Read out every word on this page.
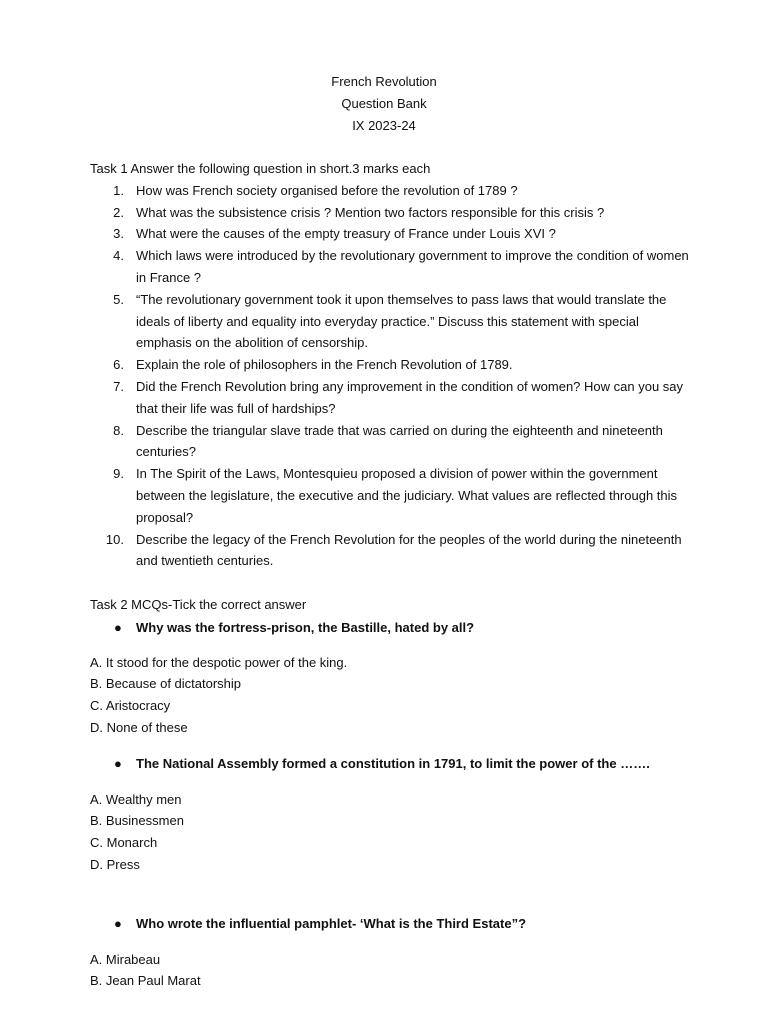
French Revolution
Question Bank
IX 2023-24
Task 1 Answer the following question in short.3 marks each
1. How was French society organised before the revolution of 1789 ?
2. What was the subsistence crisis ? Mention two factors responsible for this crisis ?
3. What were the causes of the empty treasury of France under Louis XVI ?
4. Which laws were introduced by the revolutionary government to improve the condition of women in France ?
5. “The revolutionary government took it upon themselves to pass laws that would translate the ideals of liberty and equality into everyday practice.” Discuss this statement with special emphasis on the abolition of censorship.
6. Explain the role of philosophers in the French Revolution of 1789.
7. Did the French Revolution bring any improvement in the condition of women? How can you say that their life was full of hardships?
8. Describe the triangular slave trade that was carried on during the eighteenth and nineteenth centuries?
9. In The Spirit of the Laws, Montesquieu proposed a division of power within the government between the legislature, the executive and the judiciary. What values are reflected through this proposal?
10. Describe the legacy of the French Revolution for the peoples of the world during the nineteenth and twentieth centuries.
Task 2 MCQs-Tick the correct answer
● Why was the fortress-prison, the Bastille, hated by all?
A. It stood for the despotic power of the king.
B. Because of dictatorship
C. Aristocracy
D. None of these
● The National Assembly formed a constitution in 1791, to limit the power of the …….
A. Wealthy men
B. Businessmen
C. Monarch
D. Press
● Who wrote the influential pamphlet- ‘What is the Third Estate”?
A. Mirabeau
B. Jean Paul Marat
